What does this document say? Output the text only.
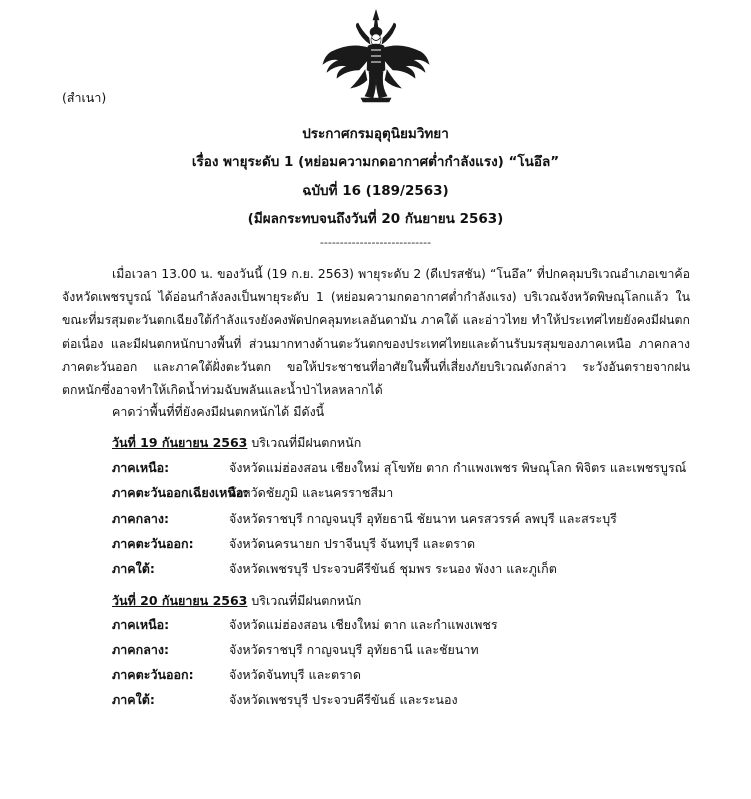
(สำเนา)
ประกาศกรมอุตุนิยมวิทยา
เรื่อง พายุระดับ 1 (หย่อมความกดอากาศต่ำกำลังแรง) “โนอึล”
ฉบับที่ 16 (189/2563)
(มีผลกระทบจนถึงวันที่ 20 กันยายน 2563)
----------------------------
เมื่อเวลา 13.00 น. ของวันนี้ (19 ก.ย. 2563) พายุระดับ 2 (ดีเปรสชัน) “โนอึล” ที่ปกคลุมบริเวณอำเภอเขาค้อ จังหวัดเพชรบูรณ์ ได้อ่อนกำลังลงเป็นพายุระดับ 1 (หย่อมความกดอากาศต่ำกำลังแรง) บริเวณจังหวัดพิษณุโลกแล้ว ในขณะที่มรสุมตะวันตกเฉียงใต้กำลังแรงยังคงพัดปกคลุมทะเลอันดามัน ภาคใต้ และอ่าวไทย ทำให้ประเทศไทยยังคงมีฝนตกต่อเนื่อง และมีฝนตกหนักบางพื้นที่ ส่วนมากทางด้านตะวันตกของประเทศไทยและด้านรับมรสุมของภาคเหนือ ภาคกลาง ภาคตะวันออก และภาคใต้ฝั่งตะวันตก ขอให้ประชาชนที่อาศัยในพื้นที่เสี่ยงภัยบริเวณดังกล่าว ระวังอันตรายจากฝนตกหนักซึ่งอาจทำให้เกิดน้ำท่วมฉับพลันและน้ำป่าไหลหลากได้
คาดว่าพื้นที่ที่ยังคงมีฝนตกหนักได้ มีดังนี้
วันที่ 19 กันยายน 2563 บริเวณที่มีฝนตกหนัก
ภาคเหนือ:	จังหวัดแม่ฮ่องสอน เชียงใหม่ สุโขทัย ตาก กำแพงเพชร พิษณุโลก พิจิตร และเพชรบูรณ์
ภาคตะวันออกเฉียงเหนือ:
จังหวัดชัยภูมิ และนครราชสีมา
ภาคกลาง:	จังหวัดราชบุรี กาญจนบุรี อุทัยธานี ชัยนาท นครสวรรค์ ลพบุรี และสระบุรี
ภาคตะวันออก:	จังหวัดนครนายก ปราจีนบุรี จันทบุรี และตราด
ภาคใต้:	จังหวัดเพชรบุรี ประจวบคีรีขันธ์ ชุมพร ระนอง พังงา และภูเก็ต
วันที่ 20 กันยายน 2563 บริเวณที่มีฝนตกหนัก
ภาคเหนือ:	จังหวัดแม่ฮ่องสอน เชียงใหม่ ตาก และกำแพงเพชร
ภาคกลาง:	จังหวัดราชบุรี กาญจนบุรี อุทัยธานี และชัยนาท
ภาคตะวันออก:	จังหวัดจันทบุรี และตราด
ภาคใต้:	จังหวัดเพชรบุรี ประจวบคีรีขันธ์ และระนอง
